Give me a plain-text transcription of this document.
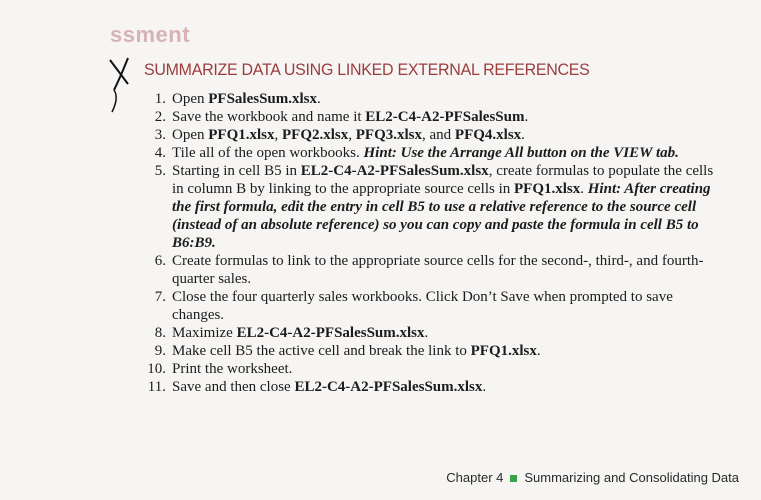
ssment
SUMMARIZE DATA USING LINKED EXTERNAL REFERENCES
1. Open PFSalesSum.xlsx.
2. Save the workbook and name it EL2-C4-A2-PFSalesSum.
3. Open PFQ1.xlsx, PFQ2.xlsx, PFQ3.xlsx, and PFQ4.xlsx.
4. Tile all of the open workbooks. Hint: Use the Arrange All button on the VIEW tab.
5. Starting in cell B5 in EL2-C4-A2-PFSalesSum.xlsx, create formulas to populate the cells in column B by linking to the appropriate source cells in PFQ1.xlsx. Hint: After creating the first formula, edit the entry in cell B5 to use a relative reference to the source cell (instead of an absolute reference) so you can copy and paste the formula in cell B5 to B6:B9.
6. Create formulas to link to the appropriate source cells for the second-, third-, and fourth-quarter sales.
7. Close the four quarterly sales workbooks. Click Don’t Save when prompted to save changes.
8. Maximize EL2-C4-A2-PFSalesSum.xlsx.
9. Make cell B5 the active cell and break the link to PFQ1.xlsx.
10. Print the worksheet.
11. Save and then close EL2-C4-A2-PFSalesSum.xlsx.
Chapter 4 Summarizing and Consolidating Data
